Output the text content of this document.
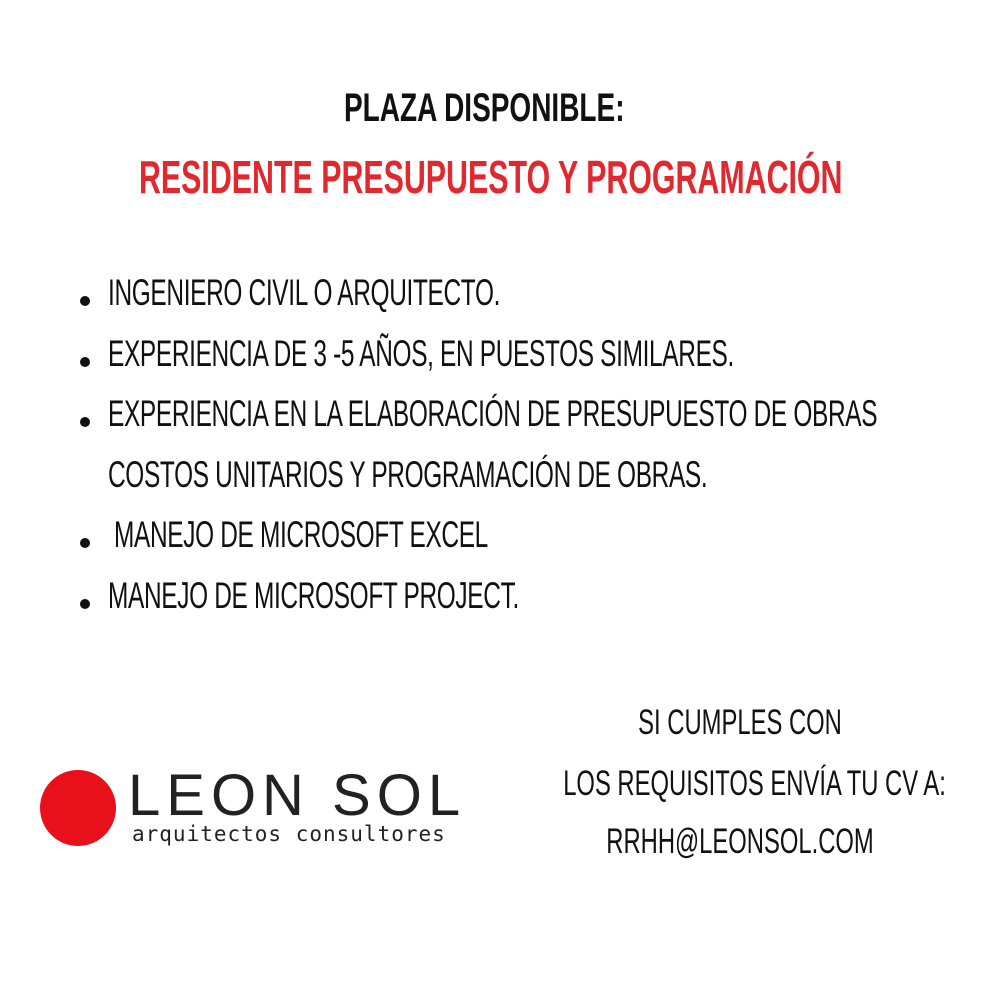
PLAZA DISPONIBLE:
RESIDENTE PRESUPUESTO Y PROGRAMACIÓN
INGENIERO CIVIL O ARQUITECTO.
EXPERIENCIA DE 3 -5 AÑOS, EN PUESTOS SIMILARES.
EXPERIENCIA EN LA ELABORACIÓN DE PRESUPUESTO DE OBRAS
COSTOS UNITARIOS Y PROGRAMACIÓN DE OBRAS.
MANEJO DE MICROSOFT EXCEL
MANEJO DE MICROSOFT PROJECT.
LEON SOL
arquitectos consultores
SI CUMPLES CON
LOS REQUISITOS ENVÍA TU CV A:
RRHH@LEONSOL.COM
